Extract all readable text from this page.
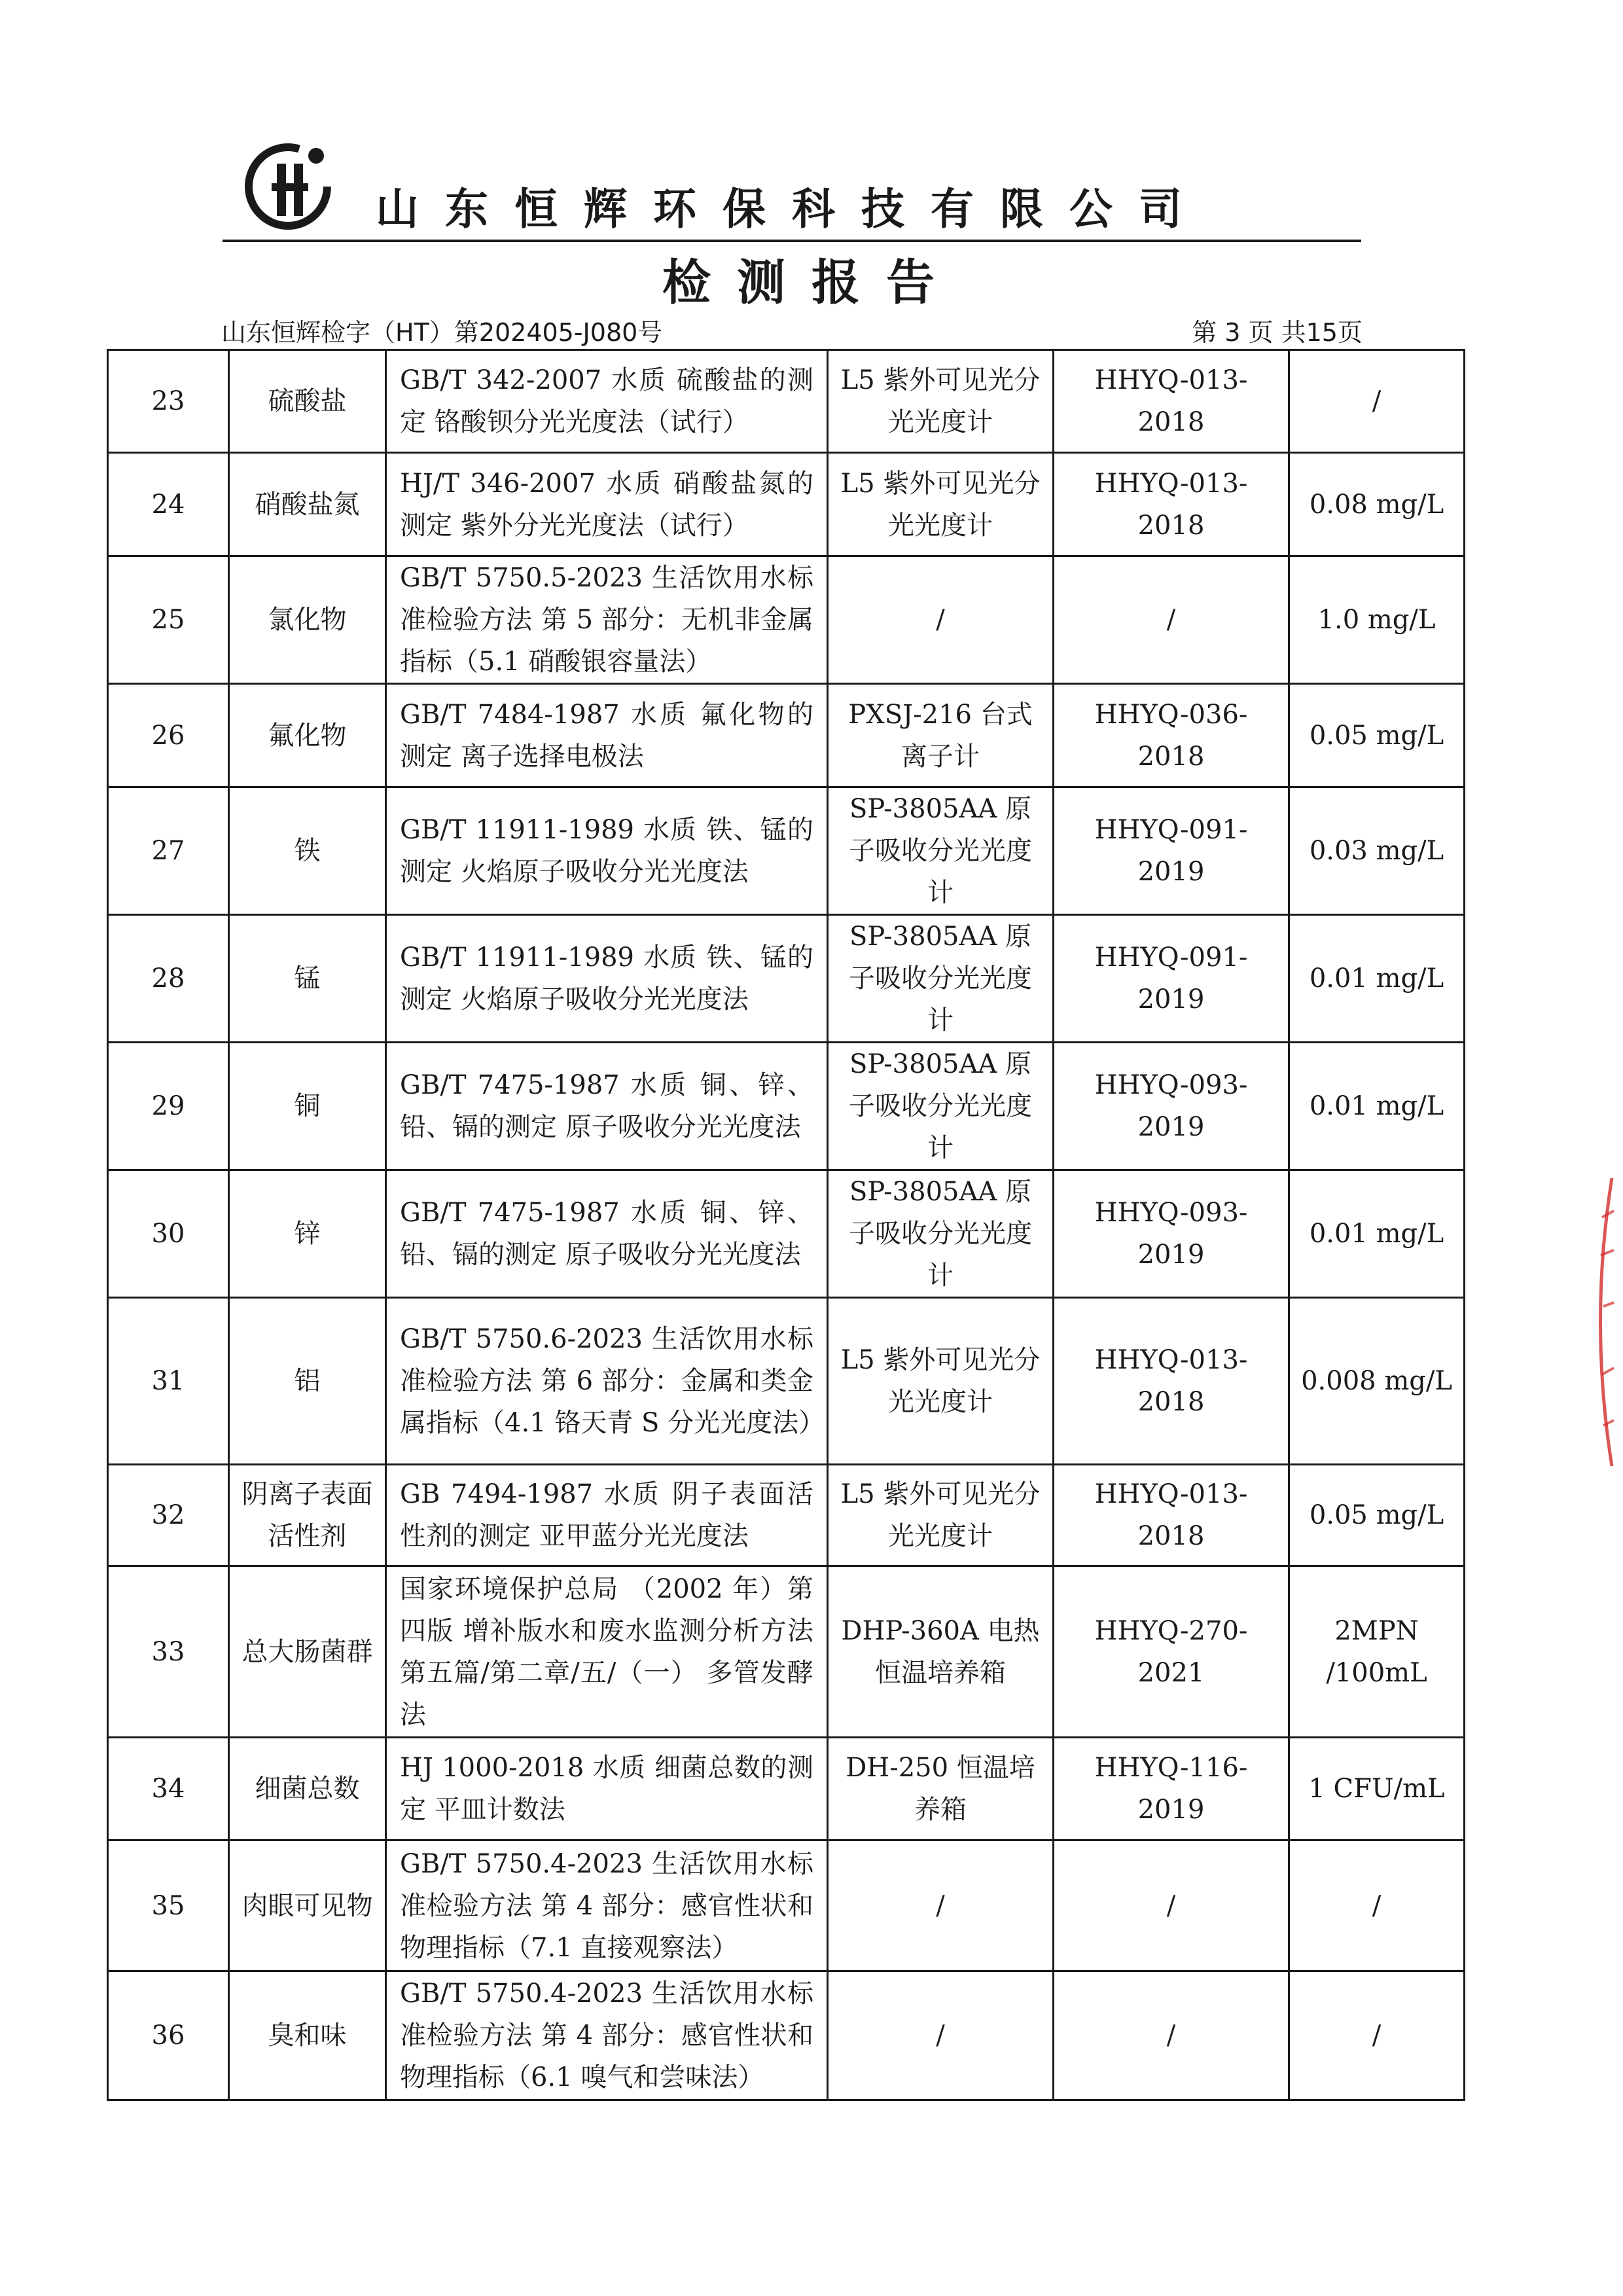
山东恒辉环保科技有限公司
检测报告
山东恒辉检字（HT）第202405-J080号	第 3 页 共15页
23	硫酸盐	GB/T 342-2007 水质 硫酸盐的测定 铬酸钡分光光度法（试行）	L5 紫外可见光分光光度计	HHYQ-013-2018	/
24	硝酸盐氮	HJ/T 346-2007 水质 硝酸盐氮的测定 紫外分光光度法（试行）	L5 紫外可见光分光光度计	HHYQ-013-2018	0.08 mg/L
25	氯化物	GB/T 5750.5-2023 生活饮用水标准检验方法 第 5 部分：无机非金属指标（5.1 硝酸银容量法）	/	/	1.0 mg/L
26	氟化物	GB/T 7484-1987 水质 氟化物的测定 离子选择电极法	PXSJ-216 台式离子计	HHYQ-036-2018	0.05 mg/L
27	铁	GB/T 11911-1989 水质 铁、锰的测定 火焰原子吸收分光光度法	SP-3805AA 原子吸收分光光度计	HHYQ-091-2019	0.03 mg/L
28	锰	GB/T 11911-1989 水质 铁、锰的测定 火焰原子吸收分光光度法	SP-3805AA 原子吸收分光光度计	HHYQ-091-2019	0.01 mg/L
29	铜	GB/T 7475-1987 水质 铜、锌、铅、镉的测定 原子吸收分光光度法	SP-3805AA 原子吸收分光光度计	HHYQ-093-2019	0.01 mg/L
30	锌	GB/T 7475-1987 水质 铜、锌、铅、镉的测定 原子吸收分光光度法	SP-3805AA 原子吸收分光光度计	HHYQ-093-2019	0.01 mg/L
31	铝	GB/T 5750.6-2023 生活饮用水标准检验方法 第 6 部分：金属和类金属指标（4.1 铬天青 S 分光光度法）	L5 紫外可见光分光光度计	HHYQ-013-2018	0.008 mg/L
32	阴离子表面活性剂	GB 7494-1987 水质 阴子表面活性剂的测定 亚甲蓝分光光度法	L5 紫外可见光分光光度计	HHYQ-013-2018	0.05 mg/L
33	总大肠菌群	国家环境保护总局 （2002 年）第四版 增补版水和废水监测分析方法 第五篇/第二章/五/（一） 多管发酵法	DHP-360A 电热恒温培养箱	HHYQ-270-2021	2MPN /100mL
34	细菌总数	HJ 1000-2018 水质 细菌总数的测定 平皿计数法	DH-250 恒温培养箱	HHYQ-116-2019	1 CFU/mL
35	肉眼可见物	GB/T 5750.4-2023 生活饮用水标准检验方法 第 4 部分：感官性状和物理指标（7.1 直接观察法）	/	/	/
36	臭和味	GB/T 5750.4-2023 生活饮用水标准检验方法 第 4 部分：感官性状和物理指标（6.1 嗅气和尝味法）	/	/	/
